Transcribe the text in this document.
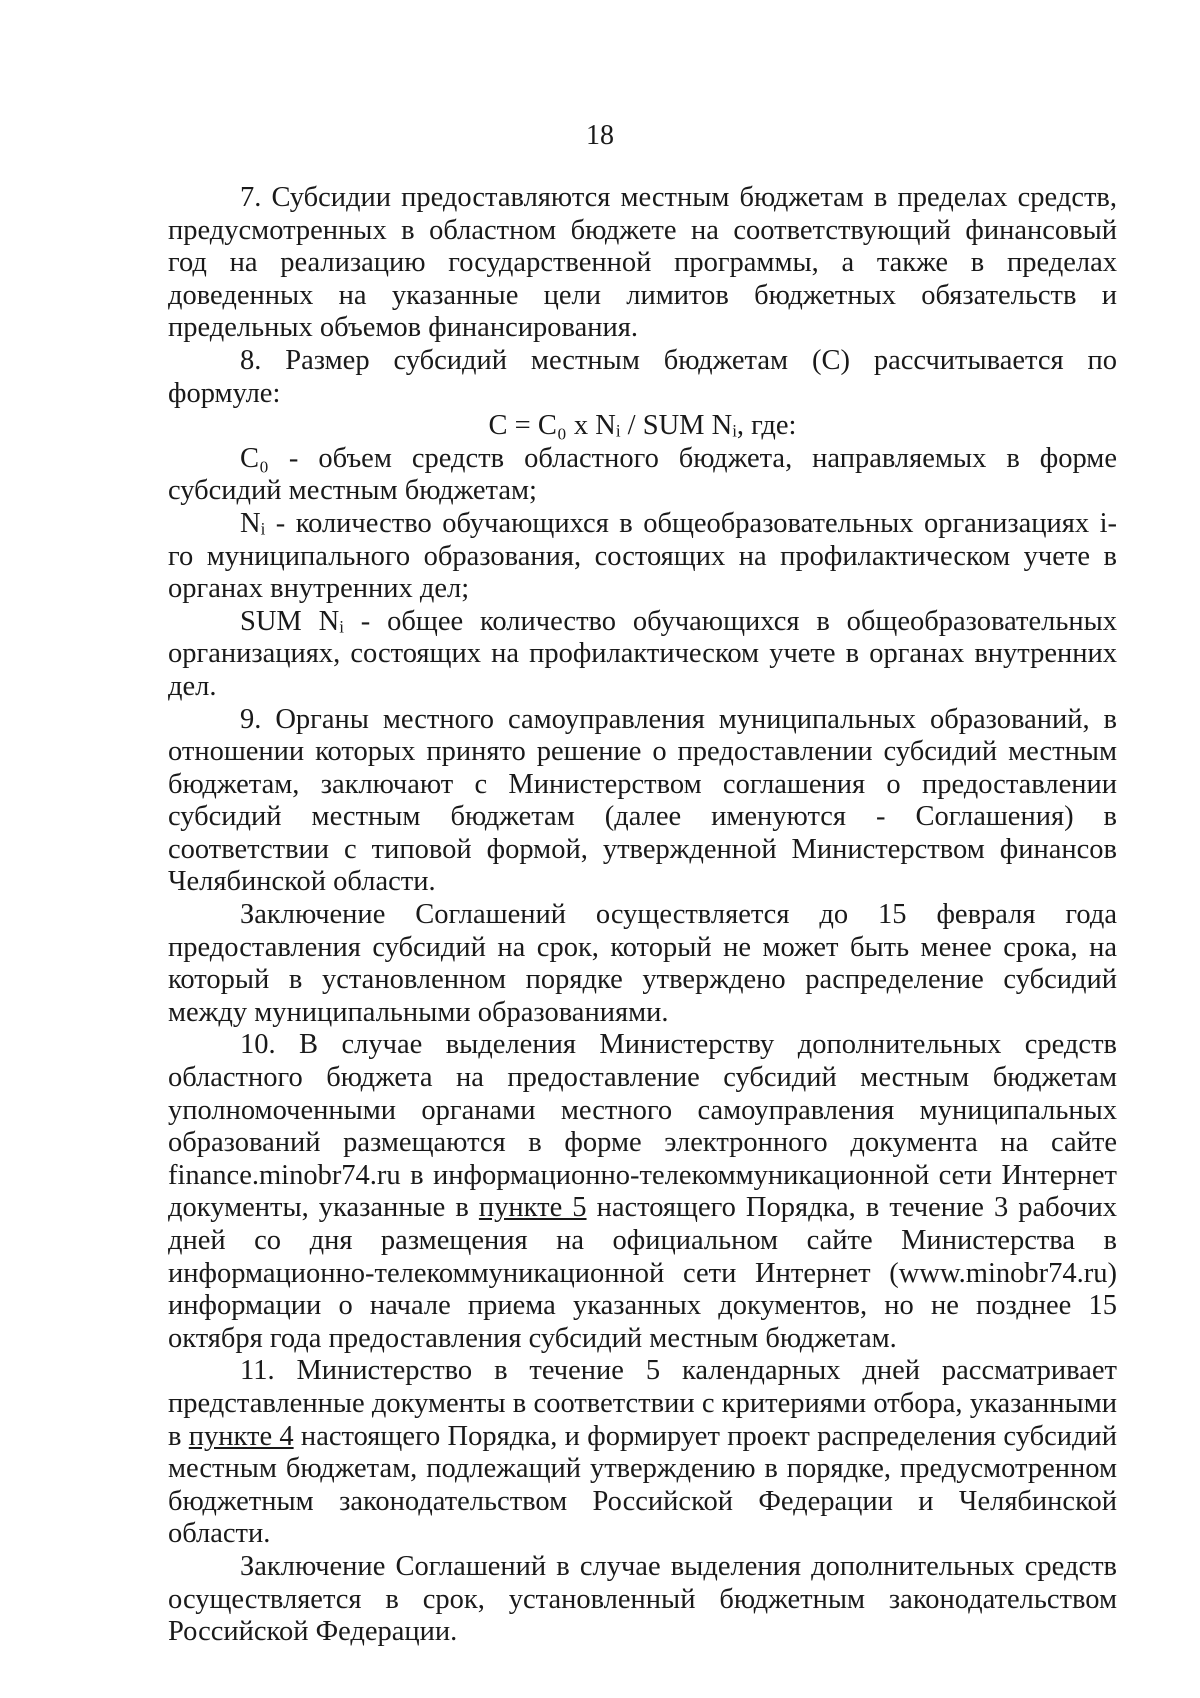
18

7. Субсидии предоставляются местным бюджетам в пределах средств, предусмотренных в областном бюджете на соответствующий финансовый год на реализацию государственной программы, а также в пределах доведенных на указанные цели лимитов бюджетных обязательств и предельных объемов финансирования.

8. Размер субсидий местным бюджетам (С) рассчитывается по формуле:

С = С₀ х Nᵢ / SUM Nᵢ, где:

С₀ - объем средств областного бюджета, направляемых в форме субсидий местным бюджетам;

Nᵢ - количество обучающихся в общеобразовательных организациях i-го муниципального образования, состоящих на профилактическом учете в органах внутренних дел;

SUM Nᵢ - общее количество обучающихся в общеобразовательных организациях, состоящих на профилактическом учете в органах внутренних дел.

9. Органы местного самоуправления муниципальных образований, в отношении которых принято решение о предоставлении субсидий местным бюджетам, заключают с Министерством соглашения о предоставлении субсидий местным бюджетам (далее именуются - Соглашения) в соответствии с типовой формой, утвержденной Министерством финансов Челябинской области.

Заключение Соглашений осуществляется до 15 февраля года предоставления субсидий на срок, который не может быть менее срока, на который в установленном порядке утверждено распределение субсидий между муниципальными образованиями.

10. В случае выделения Министерству дополнительных средств областного бюджета на предоставление субсидий местным бюджетам уполномоченными органами местного самоуправления муниципальных образований размещаются в форме электронного документа на сайте finance.minobr74.ru в информационно-телекоммуникационной сети Интернет документы, указанные в пункте 5 настоящего Порядка, в течение 3 рабочих дней со дня размещения на официальном сайте Министерства в информационно-телекоммуникационной сети Интернет (www.minobr74.ru) информации о начале приема указанных документов, но не позднее 15 октября года предоставления субсидий местным бюджетам.

11. Министерство в течение 5 календарных дней рассматривает представленные документы в соответствии с критериями отбора, указанными в пункте 4 настоящего Порядка, и формирует проект распределения субсидий местным бюджетам, подлежащий утверждению в порядке, предусмотренном бюджетным законодательством Российской Федерации и Челябинской области.

Заключение Соглашений в случае выделения дополнительных средств осуществляется в срок, установленный бюджетным законодательством Российской Федерации.
